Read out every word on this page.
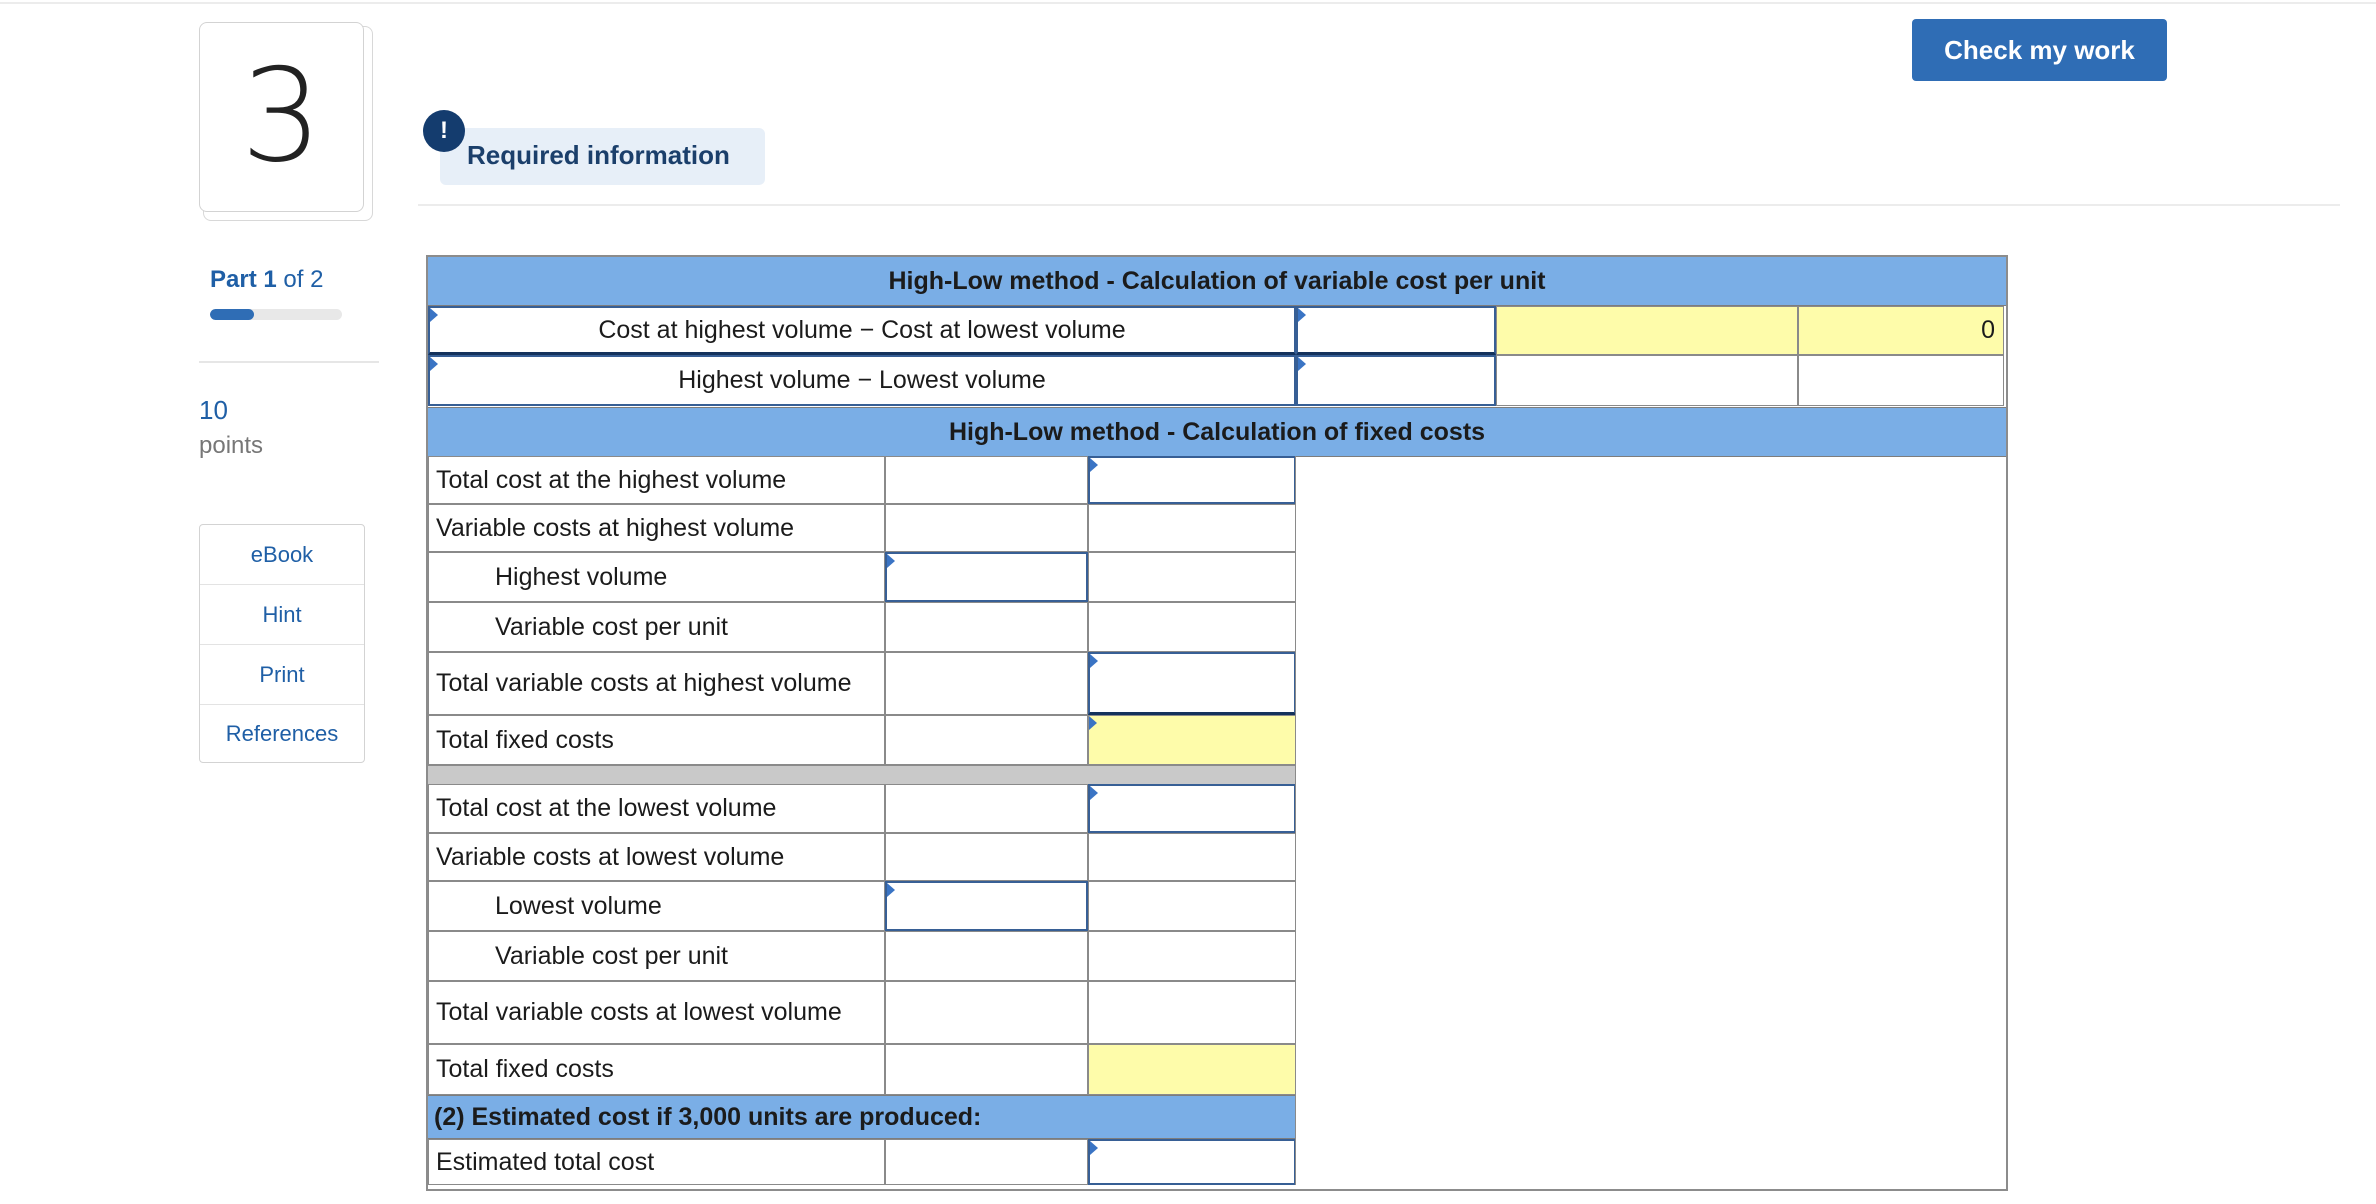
3
Part 1 of 2
10
points
eBook
Hint
Print
References
Check my work
!
Required information
High-Low method - Calculation of variable cost per unit
Cost at highest volume − Cost at lowest volume	0
Highest volume − Lowest volume
High-Low method - Calculation of fixed costs
Total cost at the highest volume
Variable costs at highest volume
Highest volume
Variable cost per unit
Total variable costs at highest volume
Total fixed costs
Total cost at the lowest volume
Variable costs at lowest volume
Lowest volume
Variable cost per unit
Total variable costs at lowest volume
Total fixed costs
(2) Estimated cost if 3,000 units are produced:
Estimated total cost
